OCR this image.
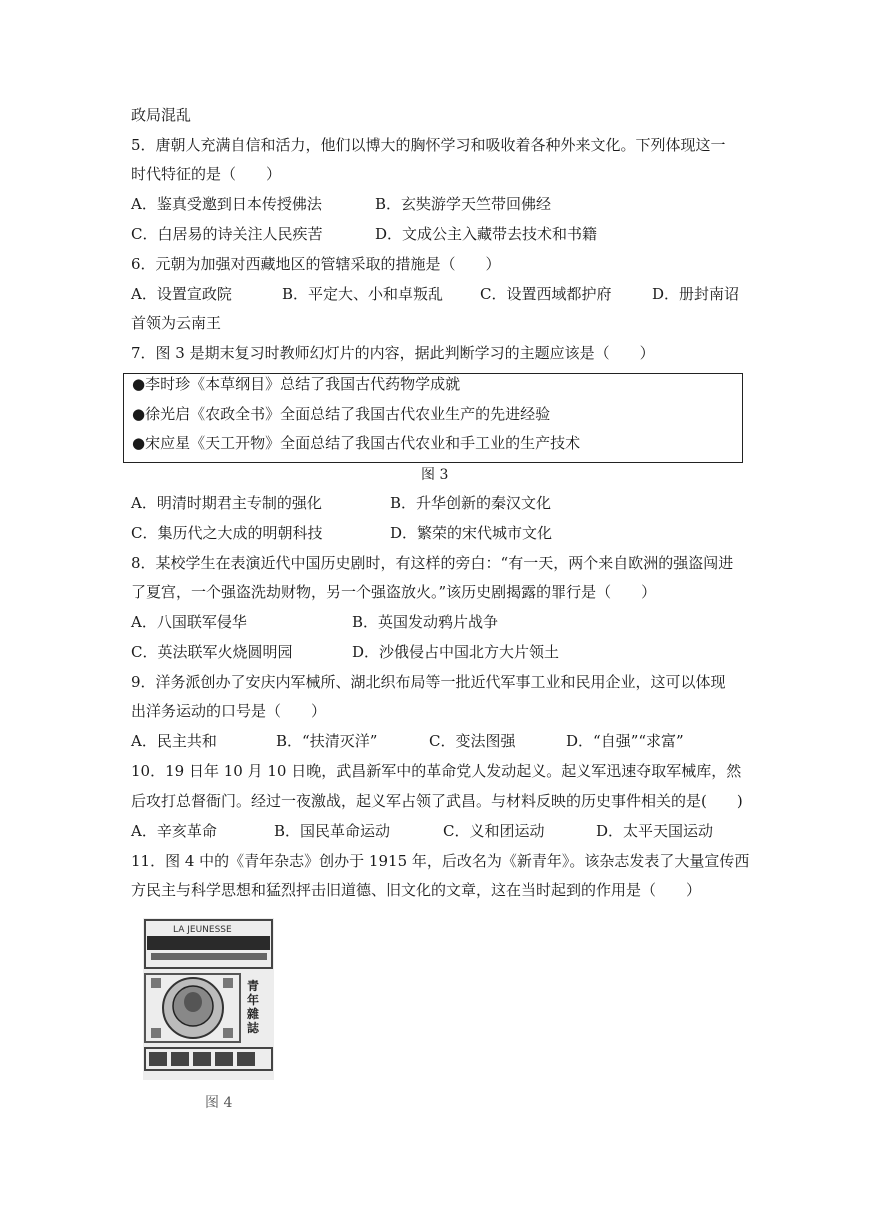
政局混乱
5．唐朝人充满自信和活力，他们以博大的胸怀学习和吸收着各种外来文化。下列体现这一
时代特征的是（　　）
A．鉴真受邀到日本传授佛法	B．玄奘游学天竺带回佛经
C．白居易的诗关注人民疾苦	D．文成公主入藏带去技术和书籍
6．元朝为加强对西藏地区的管辖采取的措施是（　　）
A．设置宣政院	B．平定大、小和卓叛乱 C．设置西域都护府	D．册封南诏
首领为云南王
7．图 3 是期末复习时教师幻灯片的内容，据此判断学习的主题应该是（　　）
●李时珍《本草纲目》总结了我国古代药物学成就
●徐光启《农政全书》全面总结了我国古代农业生产的先进经验
●宋应星《天工开物》全面总结了我国古代农业和手工业的生产技术
图 3
A．明清时期君主专制的强化	B．升华创新的秦汉文化
C．集历代之大成的明朝科技	D．繁荣的宋代城市文化
8．某校学生在表演近代中国历史剧时，有这样的旁白：“有一天，两个来自欧洲的强盗闯进
了夏宫，一个强盗洗劫财物，另一个强盗放火。”该历史剧揭露的罪行是（　　）
A．八国联军侵华	B．英国发动鸦片战争
C．英法联军火烧圆明园	D．沙俄侵占中国北方大片领土
9．洋务派创办了安庆内军械所、湖北织布局等一批近代军事工业和民用企业，这可以体现
出洋务运动的口号是（　　）
A．民主共和	B．“扶清灭洋”	C．变法图强	D．“自强”“求富”
10．19 日年 10 月 10 日晚，武昌新军中的革命党人发动起义。起义军迅速夺取军械库，然
后攻打总督衙门。经过一夜激战，起义军占领了武昌。与材料反映的历史事件相关的是(　　)
A．辛亥革命	B．国民革命运动	C．义和团运动	D．太平天国运动
11．图 4 中的《青年杂志》创办于 1915 年，后改名为《新青年》。该杂志发表了大量宣传西
方民主与科学思想和猛烈抨击旧道德、旧文化的文章，这在当时起到的作用是（　　）
LA JEUNESSE
青
年
雜
誌
图 4
